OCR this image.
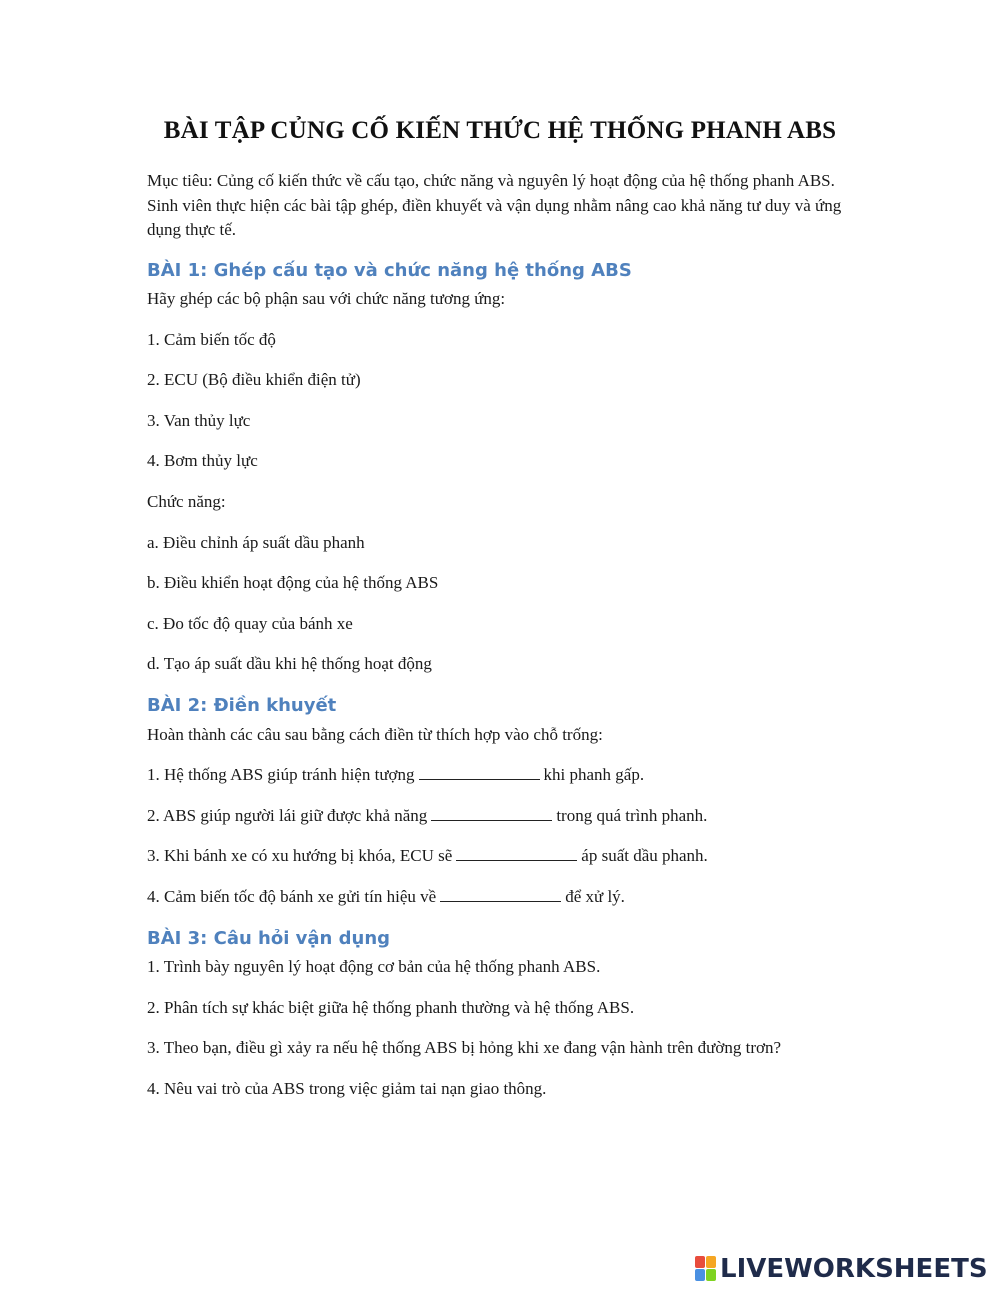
BÀI TẬP CỦNG CỐ KIẾN THỨC HỆ THỐNG PHANH ABS
Mục tiêu: Củng cố kiến thức về cấu tạo, chức năng và nguyên lý hoạt động của hệ thống phanh ABS. Sinh viên thực hiện các bài tập ghép, điền khuyết và vận dụng nhằm nâng cao khả năng tư duy và ứng dụng thực tế.
BÀI 1: Ghép cấu tạo và chức năng hệ thống ABS
Hãy ghép các bộ phận sau với chức năng tương ứng:
1. Cảm biến tốc độ
2. ECU (Bộ điều khiển điện tử)
3. Van thủy lực
4. Bơm thủy lực
Chức năng:
a. Điều chỉnh áp suất dầu phanh
b. Điều khiển hoạt động của hệ thống ABS
c. Đo tốc độ quay của bánh xe
d. Tạo áp suất dầu khi hệ thống hoạt động
BÀI 2: Điền khuyết
Hoàn thành các câu sau bằng cách điền từ thích hợp vào chỗ trống:
1. Hệ thống ABS giúp tránh hiện tượng	khi phanh gấp.
2. ABS giúp người lái giữ được khả năng	trong quá trình phanh.
3. Khi bánh xe có xu hướng bị khóa, ECU sẽ	áp suất dầu phanh.
4. Cảm biến tốc độ bánh xe gửi tín hiệu về	để xử lý.
BÀI 3: Câu hỏi vận dụng
1. Trình bày nguyên lý hoạt động cơ bản của hệ thống phanh ABS.
2. Phân tích sự khác biệt giữa hệ thống phanh thường và hệ thống ABS.
3. Theo bạn, điều gì xảy ra nếu hệ thống ABS bị hỏng khi xe đang vận hành trên đường trơn?
4. Nêu vai trò của ABS trong việc giảm tai nạn giao thông.
LIVEWORKSHEETS
